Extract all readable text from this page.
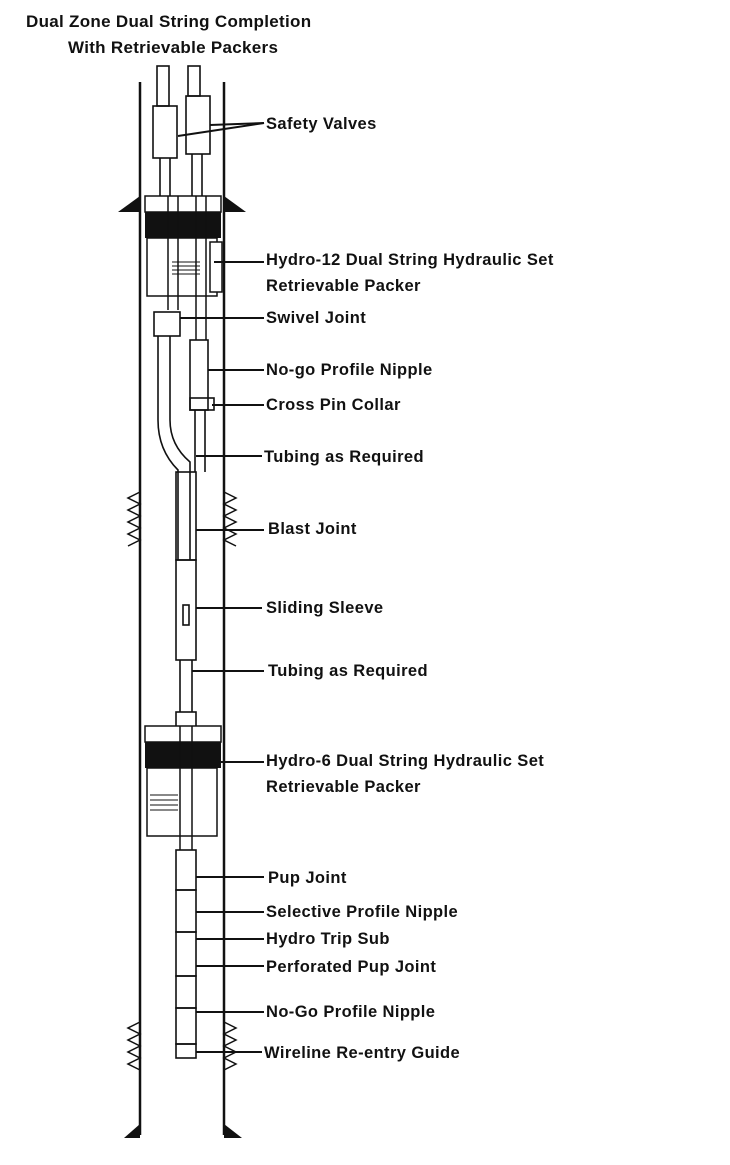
Dual Zone Dual String Completion
With Retrievable Packers
Safety Valves
Hydro-12 Dual String Hydraulic Set
Retrievable Packer
Swivel Joint
No-go Profile Nipple
Cross Pin Collar
Tubing as Required
Blast Joint
Sliding Sleeve
Tubing as Required
Hydro-6 Dual String Hydraulic Set
Retrievable Packer
Pup Joint
Selective Profile Nipple
Hydro Trip Sub
Perforated Pup Joint
No-Go Profile Nipple
Wireline Re-entry Guide
